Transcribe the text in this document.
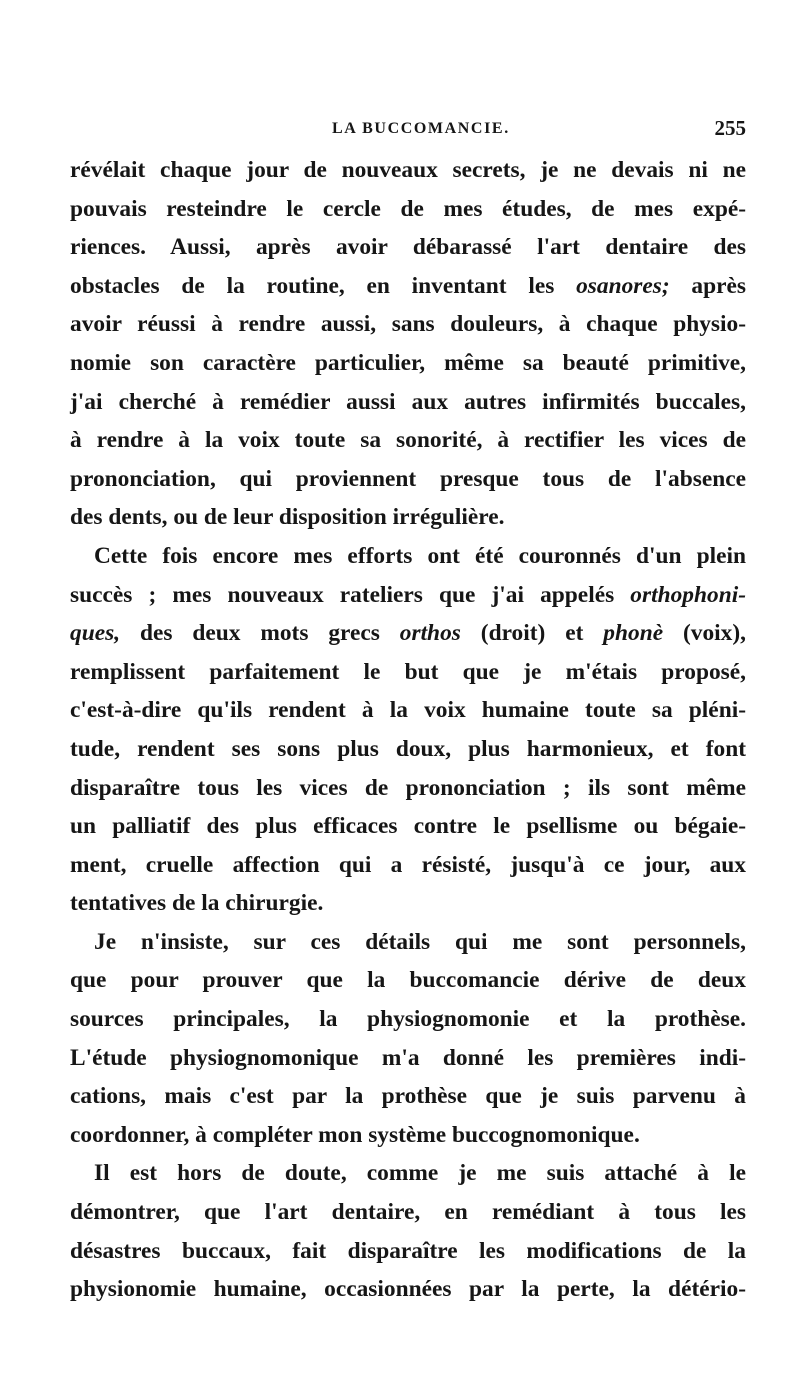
LA BUCCOMANCIE.	255

révélait chaque jour de nouveaux secrets, je ne devais ni ne
pouvais resteindre le cercle de mes études, de mes expé-
riences. Aussi, après avoir débarassé l'art dentaire des
obstacles de la routine, en inventant les osanores; après
avoir réussi à rendre aussi, sans douleurs, à chaque physio-
nomie son caractère particulier, même sa beauté primitive,
j'ai cherché à remédier aussi aux autres infirmités buccales,
à rendre à la voix toute sa sonorité, à rectifier les vices de
prononciation, qui proviennent presque tous de l'absence
des dents, ou de leur disposition irrégulière.

Cette fois encore mes efforts ont été couronnés d'un plein
succès ; mes nouveaux rateliers que j'ai appelés orthophoni-
ques, des deux mots grecs orthos (droit) et phonè (voix),
remplissent parfaitement le but que je m'étais proposé,
c'est-à-dire qu'ils rendent à la voix humaine toute sa pléni-
tude, rendent ses sons plus doux, plus harmonieux, et font
disparaître tous les vices de prononciation ; ils sont même
un palliatif des plus efficaces contre le psellisme ou bégaie-
ment, cruelle affection qui a résisté, jusqu'à ce jour, aux
tentatives de la chirurgie.

Je n'insiste, sur ces détails qui me sont personnels,
que pour prouver que la buccomancie dérive de deux
sources principales, la physiognomonie et la prothèse.
L'étude physiognomonique m'a donné les premières indi-
cations, mais c'est par la prothèse que je suis parvenu à
coordonner, à compléter mon système buccognomonique.

Il est hors de doute, comme je me suis attaché à le
démontrer, que l'art dentaire, en remédiant à tous les
désastres buccaux, fait disparaître les modifications de la
physionomie humaine, occasionnées par la perte, la détério-
